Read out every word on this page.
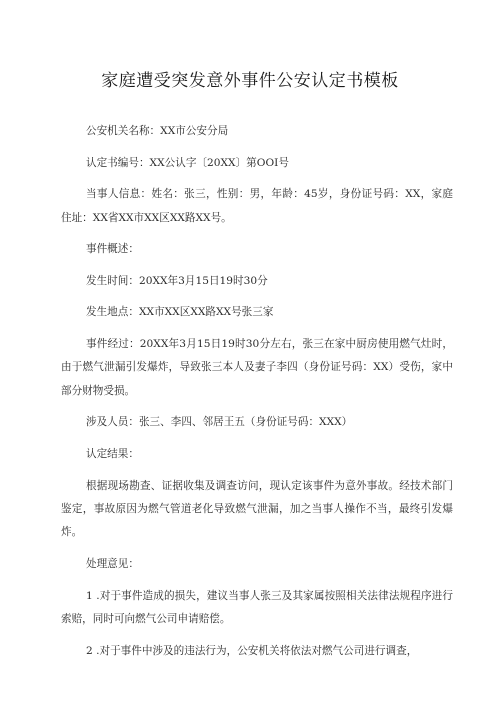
家庭遭受突发意外事件公安认定书模板

公安机关名称：XX市公安分局

认定书编号：XX公认字〔20XX〕第OOI号

当事人信息：姓名：张三，性别：男，年龄：45岁，身份证号码：XX，家庭住址：XX省XX市XX区XX路XX号。

事件概述：

发生时间：20XX年3月15日19时30分

发生地点：XX市XX区XX路XX号张三家

事件经过：20XX年3月15日19时30分左右，张三在家中厨房使用燃气灶时，由于燃气泄漏引发爆炸，导致张三本人及妻子李四（身份证号码：XX）受伤，家中部分财物受损。

涉及人员：张三、李四、邻居王五（身份证号码：XXX）

认定结果：

根据现场勘查、证据收集及调查访问，现认定该事件为意外事故。经技术部门鉴定，事故原因为燃气管道老化导致燃气泄漏，加之当事人操作不当，最终引发爆炸。

处理意见：

1 .对于事件造成的损失，建议当事人张三及其家属按照相关法律法规程序进行索赔，同时可向燃气公司申请赔偿。

2 .对于事件中涉及的违法行为，公安机关将依法对燃气公司进行调查，
